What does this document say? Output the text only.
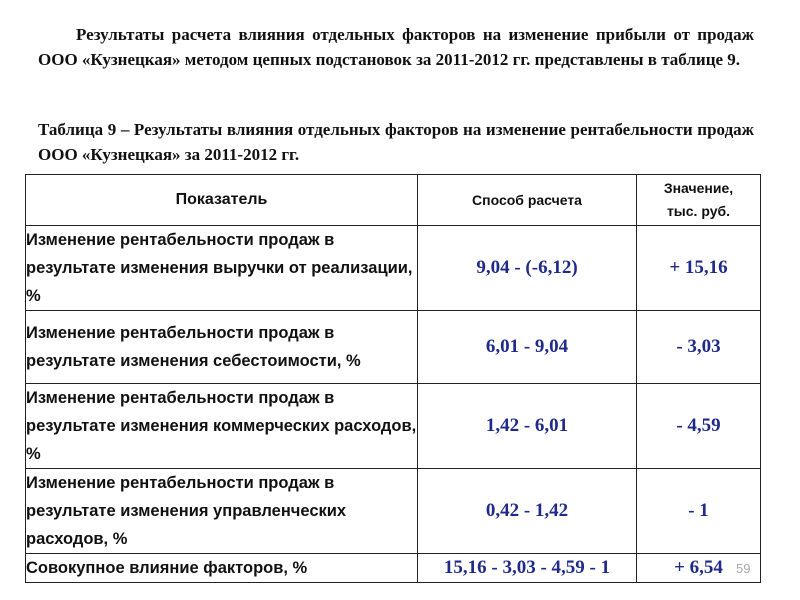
Результаты расчета влияния отдельных факторов на изменение прибыли от продаж ООО «Кузнецкая» методом цепных подстановок за 2011-2012 гг. представлены в таблице 9.

Таблица 9 – Результаты влияния отдельных факторов на изменение рентабельности продаж ООО «Кузнецкая» за 2011-2012 гг.

Показатель	Способ расчета	Значение,
тыс. руб.
Изменение рентабельности продаж в результате изменения выручки от реализации, %	9,04 - (-6,12)	+ 15,16
Изменение рентабельности продаж в результате изменения себестоимости, %	6,01 - 9,04	- 3,03
Изменение рентабельности продаж в результате изменения коммерческих расходов, %	1,42 - 6,01	- 4,59
Изменение рентабельности продаж в результате изменения управленческих расходов, %	0,42 - 1,42	- 1
Совокупное влияние факторов, %	15,16 - 3,03 - 4,59 - 1	+ 6,54 59
